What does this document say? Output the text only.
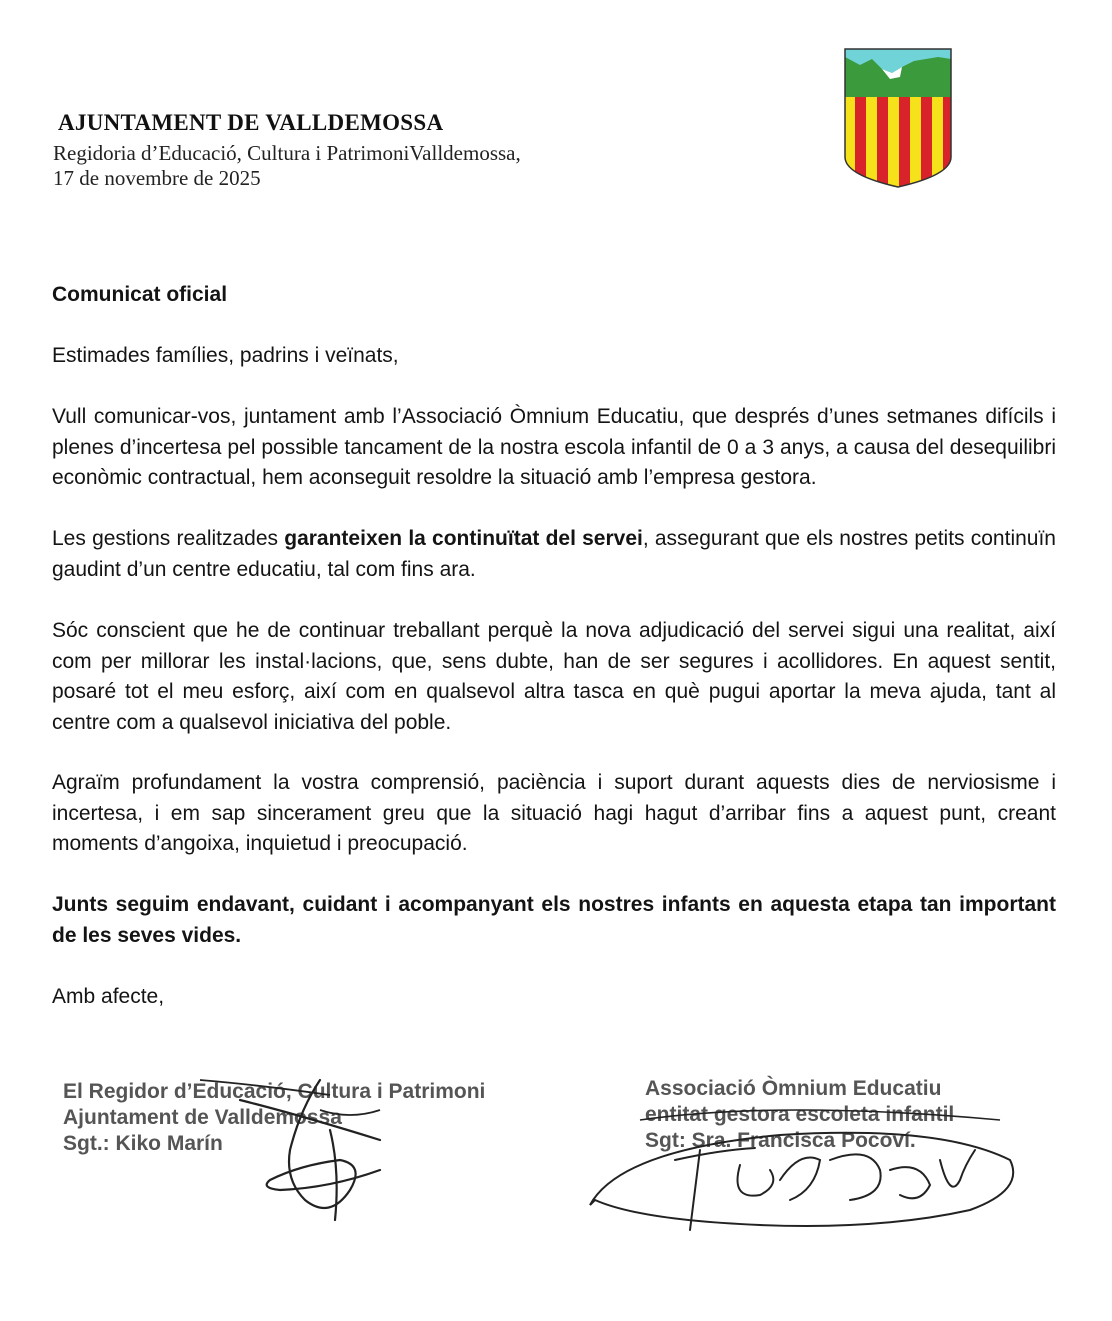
AJUNTAMENT DE VALLDEMOSSA
Regidoria d’Educació, Cultura i PatrimoniValldemossa,
17 de novembre de 2025

Comunicat oficial

Estimades famílies, padrins i veïnats,

Vull comunicar-vos, juntament amb l’Associació Òmnium Educatiu, que després d’unes setmanes difícils i plenes d’incertesa pel possible tancament de la nostra escola infantil de 0 a 3 anys, a causa del desequilibri econòmic contractual, hem aconseguit resoldre la situació amb l’empresa gestora.

Les gestions realitzades garanteixen la continuïtat del servei, assegurant que els nostres petits continuïn gaudint d’un centre educatiu, tal com fins ara.

Sóc conscient que he de continuar treballant perquè la nova adjudicació del servei sigui una realitat, així com per millorar les instal·lacions, que, sens dubte, han de ser segures i acollidores. En aquest sentit, posaré tot el meu esforç, així com en qualsevol altra tasca en què pugui aportar la meva ajuda, tant al centre com a qualsevol iniciativa del poble.

Agraïm profundament la vostra comprensió, paciència i suport durant aquests dies de nerviosisme i incertesa, i em sap sincerament greu que la situació hagi hagut d’arribar fins a aquest punt, creant moments d’angoixa, inquietud i preocupació.

Junts seguim endavant, cuidant i acompanyant els nostres infants en aquesta etapa tan important de les seves vides.

Amb afecte,

El Regidor d’Educació, Cultura i Patrimoni
Ajuntament de Valldemossa
Sgt.: Kiko Marín
Associació Òmnium Educatiu
entitat gestora escoleta infantil
Sgt: Sra. Francisca Pocoví.
